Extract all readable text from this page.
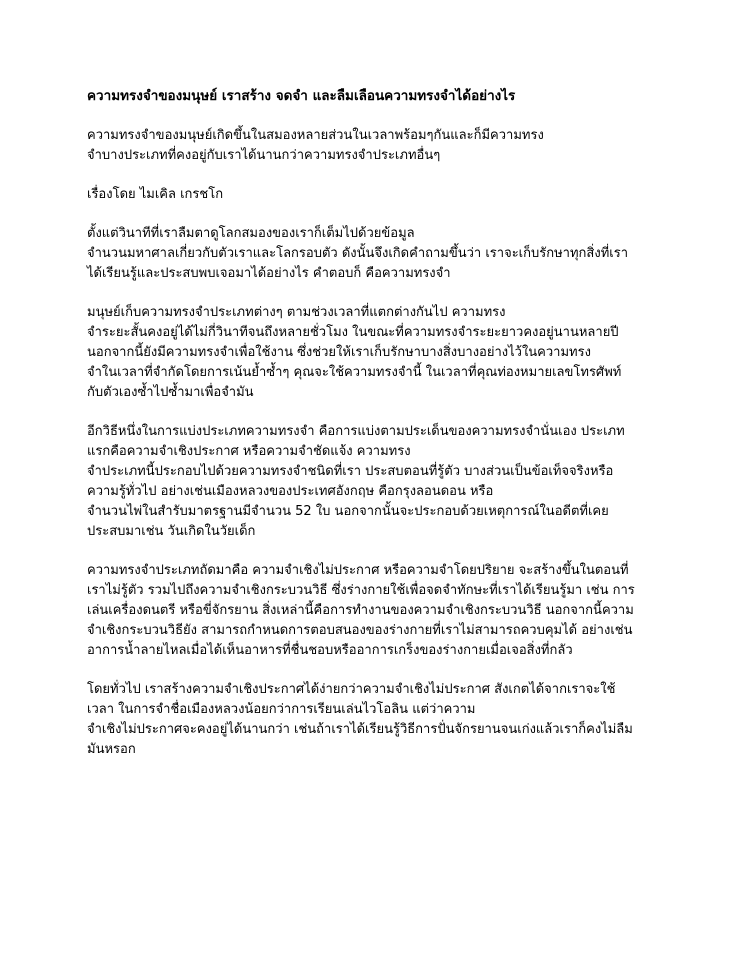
ความทรงจำของมนุษย์ เราสร้าง จดจำ และลืมเลือนความทรงจำได้อย่างไร

ความทรงจำของมนุษย์เกิดขึ้นในสมองหลายส่วนในเวลาพร้อมๆกันและก็มีความทรง
จำบางประเภทที่คงอยู่กับเราได้นานกว่าความทรงจำประเภทอื่นๆ

เรื่องโดย ไมเคิล เกรชโก

ตั้งแต่วินาทีที่เราลืมตาดูโลกสมองของเราก็เต็มไปด้วยข้อมูล
จำนวนมหาศาลเกี่ยวกับตัวเราและโลกรอบตัว ดังนั้นจึงเกิดคำถามขึ้นว่า เราจะเก็บรักษาทุกสิ่งที่เรา
ได้เรียนรู้และประสบพบเจอมาได้อย่างไร คำตอบก็ คือความทรงจำ

มนุษย์เก็บความทรงจำประเภทต่างๆ ตามช่วงเวลาที่แตกต่างกันไป ความทรง
จำระยะสั้นคงอยู่ได้ไม่กี่วินาทีจนถึงหลายชั่วโมง ในขณะที่ความทรงจำระยะยาวคงอยู่นานหลายปี
นอกจากนี้ยังมีความทรงจำเพื่อใช้งาน ซึ่งช่วยให้เราเก็บรักษาบางสิ่งบางอย่างไว้ในความทรง
จำในเวลาที่จำกัดโดยการเน้นย้ำซ้ำๆ คุณจะใช้ความทรงจำนี้ ในเวลาที่คุณท่องหมายเลขโทรศัพท์
กับตัวเองซ้ำไปซ้ำมาเพื่อจำมัน

อีกวิธีหนึ่งในการแบ่งประเภทความทรงจำ คือการแบ่งตามประเด็นของความทรงจำนั่นเอง ประเภท
แรกคือความจำเชิงประกาศ หรือความจำชัดแจ้ง ความทรง
จำประเภทนี้ประกอบไปด้วยความทรงจำชนิดที่เรา ประสบตอนที่รู้ตัว บางส่วนเป็นข้อเท็จจริงหรือ
ความรู้ทั่วไป อย่างเช่นเมืองหลวงของประเทศอังกฤษ คือกรุงลอนดอน หรือ
จำนวนไพ่ในสำรับมาตรฐานมีจำนวน 52 ใบ นอกจากนั้นจะประกอบด้วยเหตุการณ์ในอดีตที่เคย
ประสบมาเช่น วันเกิดในวัยเด็ก

ความทรงจำประเภทถัดมาคือ ความจำเชิงไม่ประกาศ หรือความจำโดยปริยาย จะสร้างขึ้นในตอนที่
เราไม่รู้ตัว รวมไปถึงความจำเชิงกระบวนวิธี ซึ่งร่างกายใช้เพื่อจดจำทักษะที่เราได้เรียนรู้มา เช่น การ
เล่นเครื่องดนตรี หรือขี่จักรยาน สิ่งเหล่านี้คือการทำงานของความจำเชิงกระบวนวิธี นอกจากนี้ความ
จำเชิงกระบวนวิธียัง สามารถกำหนดการตอบสนองของร่างกายที่เราไม่สามารถควบคุมได้ อย่างเช่น
อาการน้ำลายไหลเมื่อได้เห็นอาหารที่ชื่นชอบหรืออาการเกร็งของร่างกายเมื่อเจอสิ่งที่กลัว

โดยทั่วไป เราสร้างความจำเชิงประกาศได้ง่ายกว่าความจำเชิงไม่ประกาศ สังเกตได้จากเราจะใช้
เวลา ในการจำชื่อเมืองหลวงน้อยกว่าการเรียนเล่นไวโอลิน แต่ว่าความ
จำเชิงไม่ประกาศจะคงอยู่ได้นานกว่า เช่นถ้าเราได้เรียนรู้วิธีการปั่นจักรยานจนเก่งแล้วเราก็คงไม่ลืม
มันหรอก
